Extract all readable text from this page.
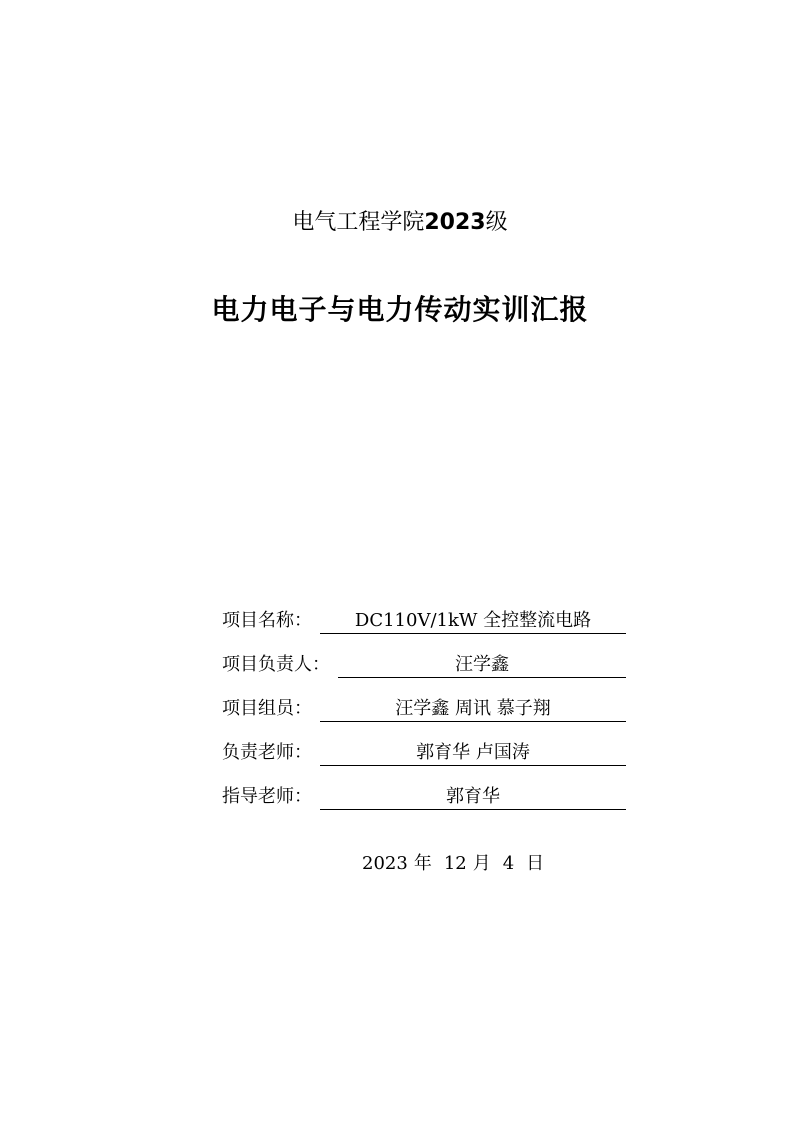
电气工程学院2023级
电力电子与电力传动实训汇报
项目名称：	DC110V/1kW 全控整流电路
项目负责人：	汪学鑫
项目组员：	汪学鑫 周讯 慕子翔
负责老师：	郭育华 卢国涛
指导老师：	郭育华
2023 年 12 月 4 日
